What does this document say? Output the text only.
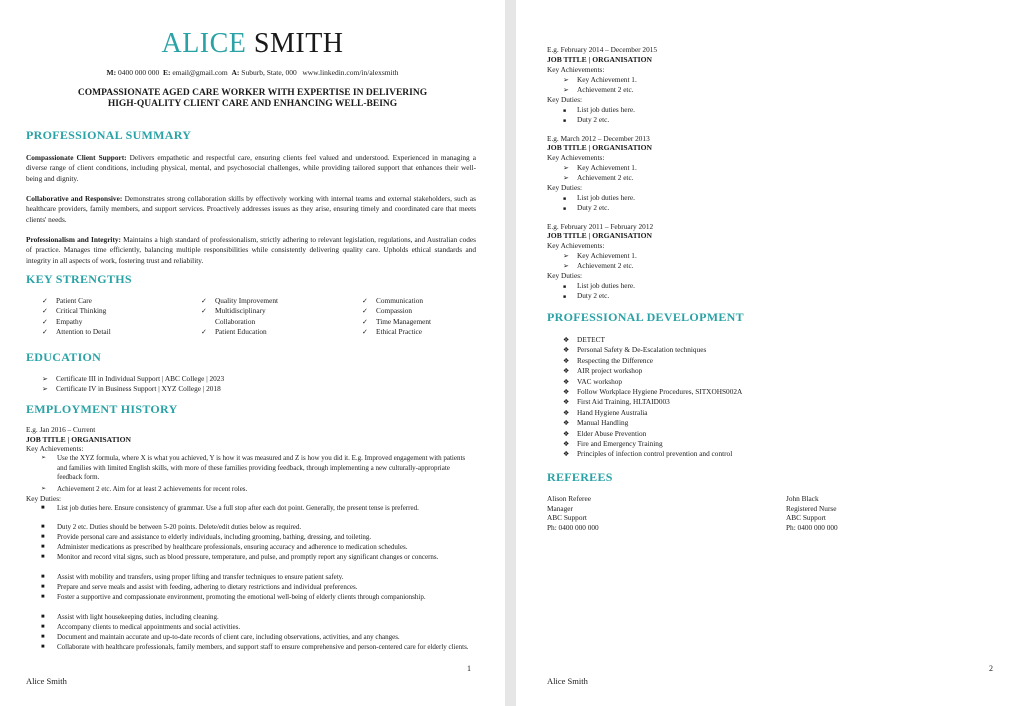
ALICE SMITH
M: 0400 000 000 E: email@gmail.com A: Suburb, State, 000 www.linkedin.com/in/alexsmith
COMPASSIONATE AGED CARE WORKER WITH EXPERTISE IN DELIVERING
HIGH-QUALITY CLIENT CARE AND ENHANCING WELL-BEING
PROFESSIONAL SUMMARY
Compassionate Client Support: Delivers empathetic and respectful care, ensuring clients feel valued and understood. Experienced in managing a diverse range of client conditions, including physical, mental, and psychosocial challenges, while providing tailored support that enhances their well-being and dignity.
Collaborative and Responsive: Demonstrates strong collaboration skills by effectively working with internal teams and external stakeholders, such as healthcare providers, family members, and support services. Proactively addresses issues as they arise, ensuring timely and coordinated care that meets clients' needs.
Professionalism and Integrity: Maintains a high standard of professionalism, strictly adhering to relevant legislation, regulations, and Australian codes of practice. Manages time efficiently, balancing multiple responsibilities while consistently delivering quality care. Upholds ethical standards and integrity in all aspects of work, fostering trust and reliability.
KEY STRENGTHS
✓ Patient Care
✓ Critical Thinking
✓ Empathy
✓ Attention to Detail
✓ Quality Improvement
✓ Multidisciplinary
Collaboration
✓ Patient Education
✓ Communication
✓ Compassion
✓ Time Management
✓ Ethical Practice
EDUCATION
➢ Certificate III in Individual Support | ABC College | 2023
➢ Certificate IV in Business Support | XYZ College | 2018
EMPLOYMENT HISTORY
E.g. Jan 2016 – Current
JOB TITLE | ORGANISATION
Key Achievements:
➢ Use the XYZ formula, where X is what you achieved, Y is how it was measured and Z is how you did it. E.g. Improved engagement with patients and families with limited English skills, with more of these families providing feedback, through implementing a new culturally-appropriate feedback form.
➢ Achievement 2 etc. Aim for at least 2 achievements for recent roles.
Key Duties:
■ List job duties here. Ensure consistency of grammar. Use a full stop after each dot point. Generally, the present tense is preferred.
■ Duty 2 etc. Duties should be between 5-20 points. Delete/edit duties below as required.
■ Provide personal care and assistance to elderly individuals, including grooming, bathing, dressing, and toileting.
■ Administer medications as prescribed by healthcare professionals, ensuring accuracy and adherence to medication schedules.
■ Monitor and record vital signs, such as blood pressure, temperature, and pulse, and promptly report any significant changes or concerns.
■ Assist with mobility and transfers, using proper lifting and transfer techniques to ensure patient safety.
■ Prepare and serve meals and assist with feeding, adhering to dietary restrictions and individual preferences.
■ Foster a supportive and compassionate environment, promoting the emotional well-being of elderly clients through companionship.
■ Assist with light housekeeping duties, including cleaning.
■ Accompany clients to medical appointments and social activities.
■ Document and maintain accurate and up-to-date records of client care, including observations, activities, and any changes.
■ Collaborate with healthcare professionals, family members, and support staff to ensure comprehensive and person-centered care for elderly clients.
1
Alice Smith
E.g. February 2014 – December 2015
JOB TITLE | ORGANISATION
Key Achievements:
➢ Key Achievement 1.
➢ Achievement 2 etc.
Key Duties:
■ List job duties here.
■ Duty 2 etc.
E.g. March 2012 – December 2013
JOB TITLE | ORGANISATION
Key Achievements:
➢ Key Achievement 1.
➢ Achievement 2 etc.
Key Duties:
■ List job duties here.
■ Duty 2 etc.
E.g. February 2011 – February 2012
JOB TITLE | ORGANISATION
Key Achievements:
➢ Key Achievement 1.
➢ Achievement 2 etc.
Key Duties:
■ List job duties here.
■ Duty 2 etc.
PROFESSIONAL DEVELOPMENT
❖ DETECT
❖ Personal Safety & De-Escalation techniques
❖ Respecting the Difference
❖ AIR project workshop
❖ VAC workshop
❖ Follow Workplace Hygiene Procedures, SITXOHS002A
❖ First Aid Training, HLTAID003
❖ Hand Hygiene Australia
❖ Manual Handling
❖ Elder Abuse Prevention
❖ Fire and Emergency Training
❖ Principles of infection control prevention and control
REFEREES
Alison Referee
Manager
ABC Support
Ph: 0400 000 000
John Black
Registered Nurse
ABC Support
Ph: 0400 000 000
2
Alice Smith
